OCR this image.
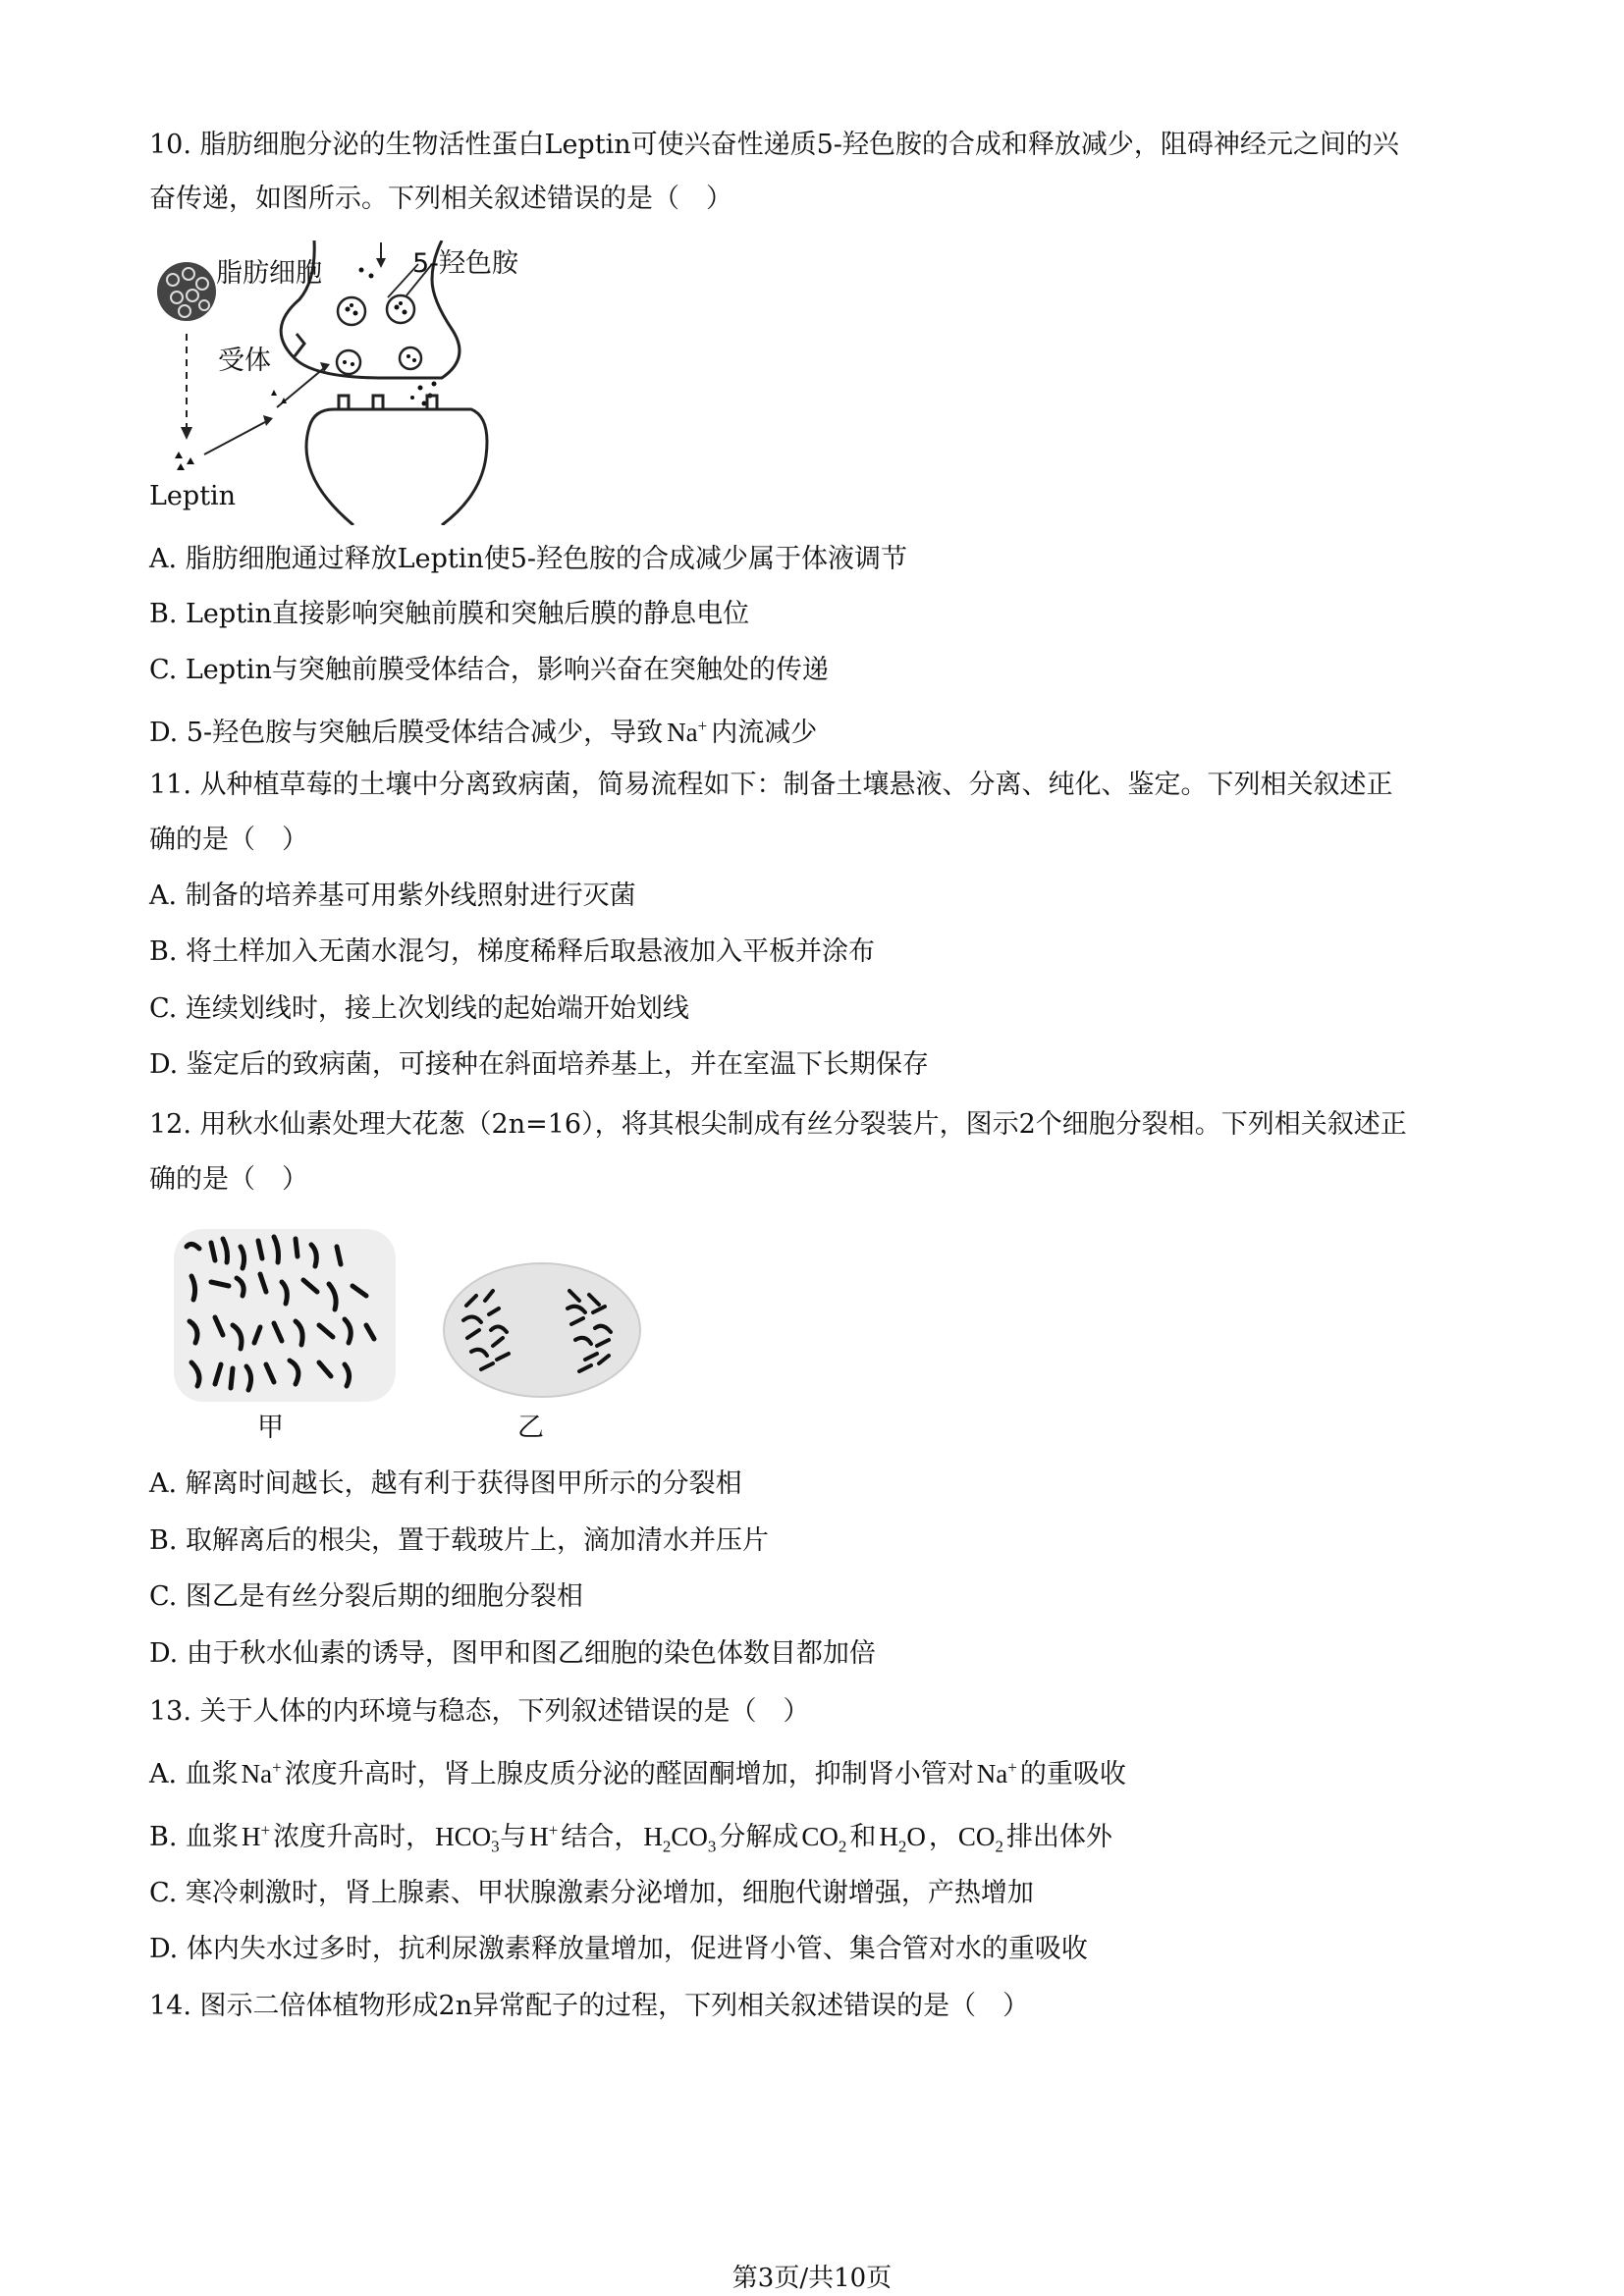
10. 脂肪细胞分泌的生物活性蛋白Leptin可使兴奋性递质5-羟色胺的合成和释放减少，阻碍神经元之间的兴
奋传递，如图所示。下列相关叙述错误的是（　）
脂肪细胞	5-羟色胺
受体
Leptin
A. 脂肪细胞通过释放Leptin使5-羟色胺的合成减少属于体液调节
B. Leptin直接影响突触前膜和突触后膜的静息电位
C. Leptin与突触前膜受体结合，影响兴奋在突触处的传递
D. 5-羟色胺与突触后膜受体结合减少，导致 Na+ 内流减少
11. 从种植草莓的土壤中分离致病菌，简易流程如下：制备土壤悬液、分离、纯化、鉴定。下列相关叙述正
确的是（　）
A. 制备的培养基可用紫外线照射进行灭菌
B. 将土样加入无菌水混匀，梯度稀释后取悬液加入平板并涂布
C. 连续划线时，接上次划线的起始端开始划线
D. 鉴定后的致病菌，可接种在斜面培养基上，并在室温下长期保存
12. 用秋水仙素处理大花葱（2n=16），将其根尖制成有丝分裂装片，图示2个细胞分裂相。下列相关叙述正
确的是（　）
甲	乙
A. 解离时间越长，越有利于获得图甲所示的分裂相
B. 取解离后的根尖，置于载玻片上，滴加清水并压片
C. 图乙是有丝分裂后期的细胞分裂相
D. 由于秋水仙素的诱导，图甲和图乙细胞的染色体数目都加倍
13. 关于人体的内环境与稳态，下列叙述错误的是（　）
A. 血浆 Na+ 浓度升高时，肾上腺皮质分泌的醛固酮增加，抑制肾小管对 Na+ 的重吸收
B. 血浆 H+ 浓度升高时， $HCO_3^-$ 与 H+ 结合， $H_2CO_3$ 分解成 $CO_2$ 和 $H_2O$ ， $CO_2$ 排出体外
C. 寒冷刺激时，肾上腺素、甲状腺激素分泌增加，细胞代谢增强，产热增加
D. 体内失水过多时，抗利尿激素释放量增加，促进肾小管、集合管对水的重吸收
14. 图示二倍体植物形成2n异常配子的过程，下列相关叙述错误的是（　）
第3页/共10页
